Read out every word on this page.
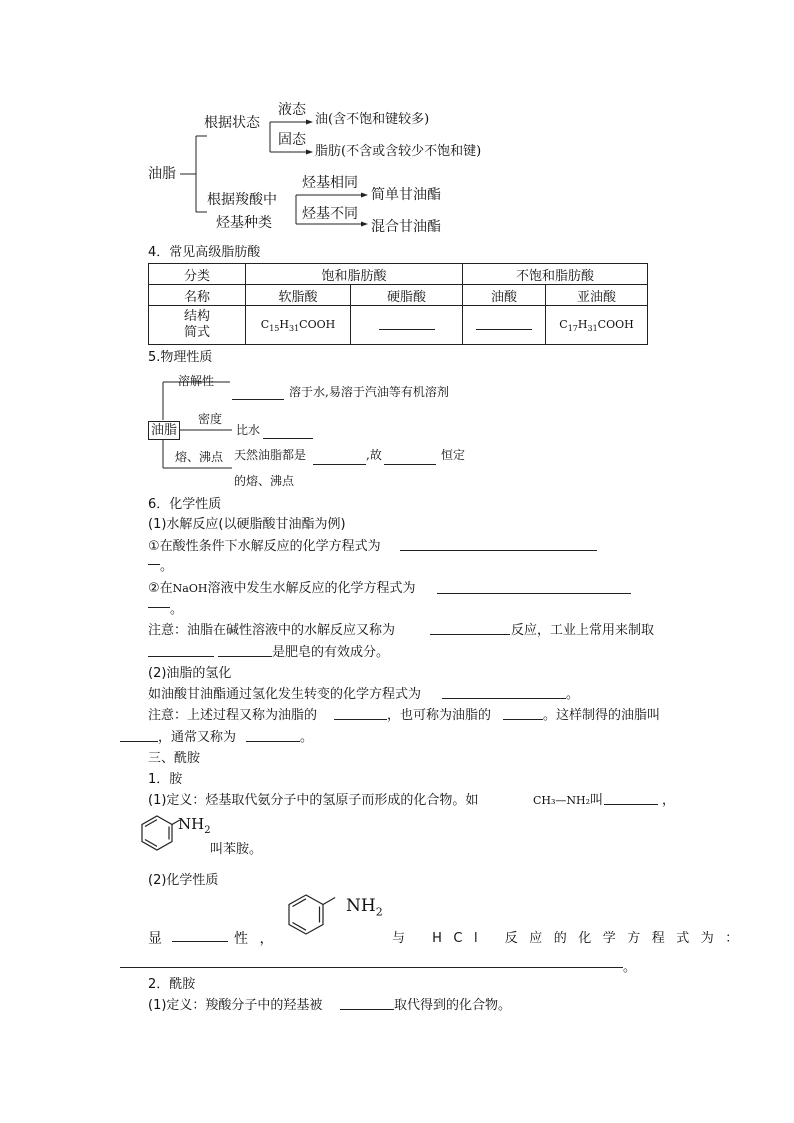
油脂
根据状态
液态
油(含不饱和键较多)
固态
脂肪(不含或含较少不饱和键)
根据羧酸中
烃基种类
烃基相同
简单甘油酯
烃基不同
混合甘油酯
4．常见高级脂肪酸
分类	饱和脂肪酸		不饱和脂肪酸	
名称	软脂酸	硬脂酸	油酸	亚油酸
结构
简式	$C_{15}H_{31}COOH$			$C_{17}H_{31}COOH$
5.物理性质
溶解性
溶于水,易溶于汽油等有机溶剂
油脂
密度
比水
熔、沸点 天然油脂都是	,故	恒定
的熔、沸点
6．化学性质
(1)水解反应(以硬脂酸甘油酯为例)
①在酸性条件下水解反应的化学方程式为
。
②在NaOH溶液中发生水解反应的化学方程式为
。
注意：油脂在碱性溶液中的水解反应又称为	反应，工业上常用来制取
是肥皂的有效成分。
(2)油脂的氢化
如油酸甘油酯通过氢化发生转变的化学方程式为	。
注意：上述过程又称为油脂的	，也可称为油脂的	。这样制得的油脂叫
，通常又称为	。
三、酰胺
1．胺
(1)定义：烃基取代氨分子中的氢原子而形成的化合物。如	CH₃—NH₂ 叫	，
$NH_2$
叫苯胺。
(2)化学性质
$NH_2$
显	性，	与 HCl 反应的化学方程式为：
。
2．酰胺
(1)定义：羧酸分子中的羟基被	取代得到的化合物。
